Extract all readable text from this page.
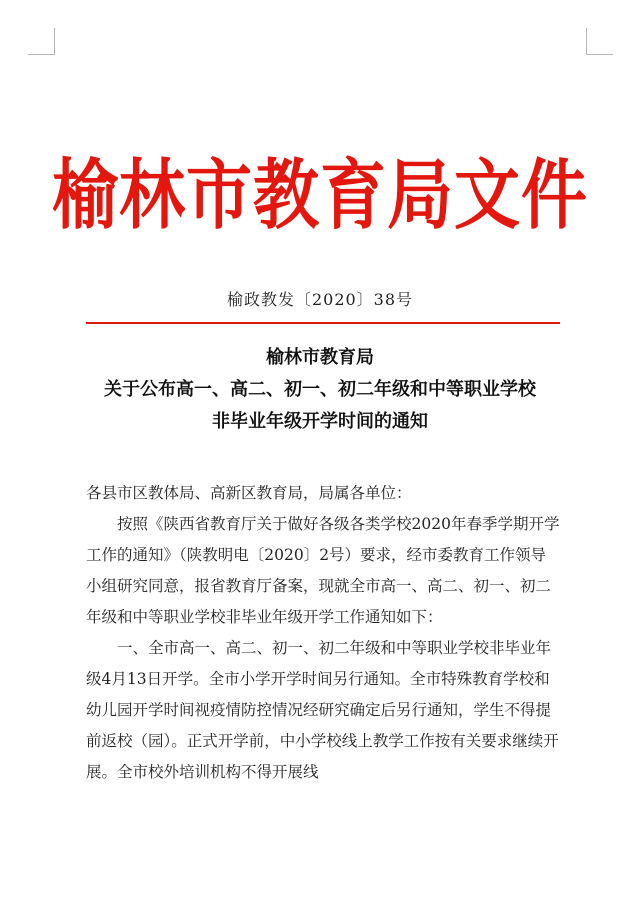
榆林市教育局文件
榆政教发〔2020〕38号
榆林市教育局
关于公布高一、高二、初一、初二年级和中等职业学校
非毕业年级开学时间的通知

各县市区教体局、高新区教育局，局属各单位：

按照《陕西省教育厅关于做好各级各类学校2020年春季学期开学工作的通知》（陕教明电〔2020〕2号）要求，经市委教育工作领导小组研究同意，报省教育厅备案，现就全市高一、高二、初一、初二年级和中等职业学校非毕业年级开学工作通知如下：

一、全市高一、高二、初一、初二年级和中等职业学校非毕业年级4月13日开学。全市小学开学时间另行通知。全市特殊教育学校和幼儿园开学时间视疫情防控情况经研究确定后另行通知，学生不得提前返校（园）。正式开学前，中小学校线上教学工作按有关要求继续开展。全市校外培训机构不得开展线
